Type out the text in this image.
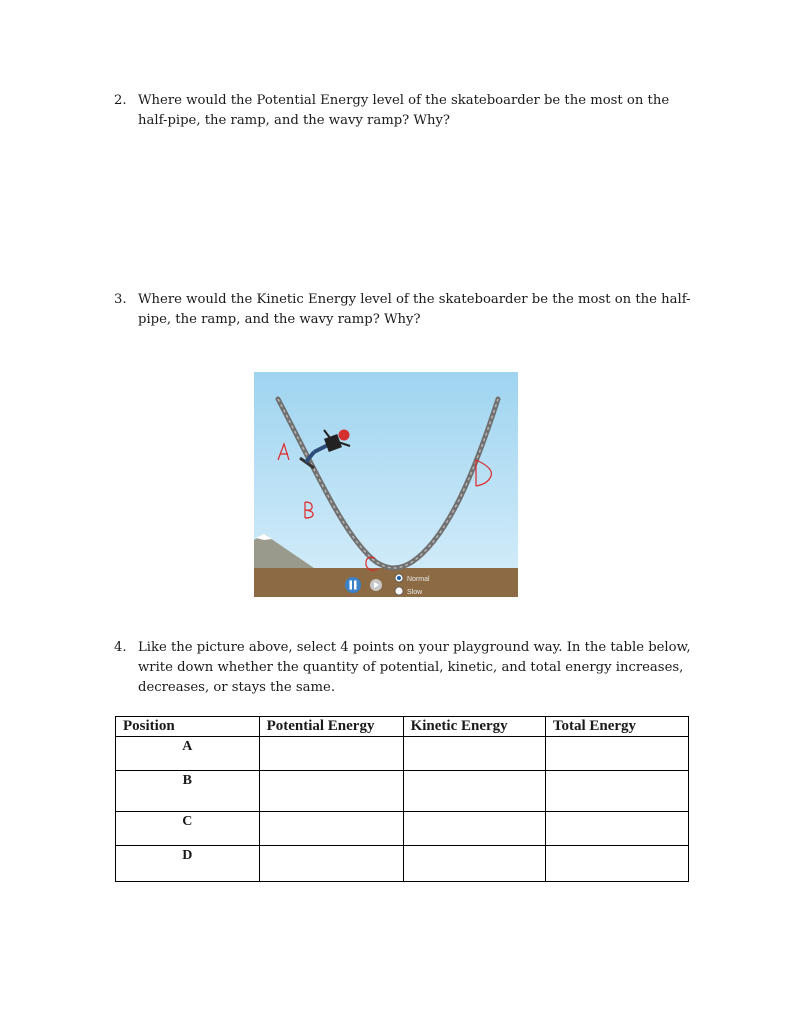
2. Where would the Potential Energy level of the skateboarder be the most on the half-pipe, the ramp, and the wavy ramp? Why?
3. Where would the Kinetic Energy level of the skateboarder be the most on the half-pipe, the ramp, and the wavy ramp? Why?
Normal
Slow
4. Like the picture above, select 4 points on your playground way. In the table below, write down whether the quantity of potential, kinetic, and total energy increases, decreases, or stays the same.
Position	Potential Energy	Kinetic Energy	Total Energy
A			
B			
C			
D			
